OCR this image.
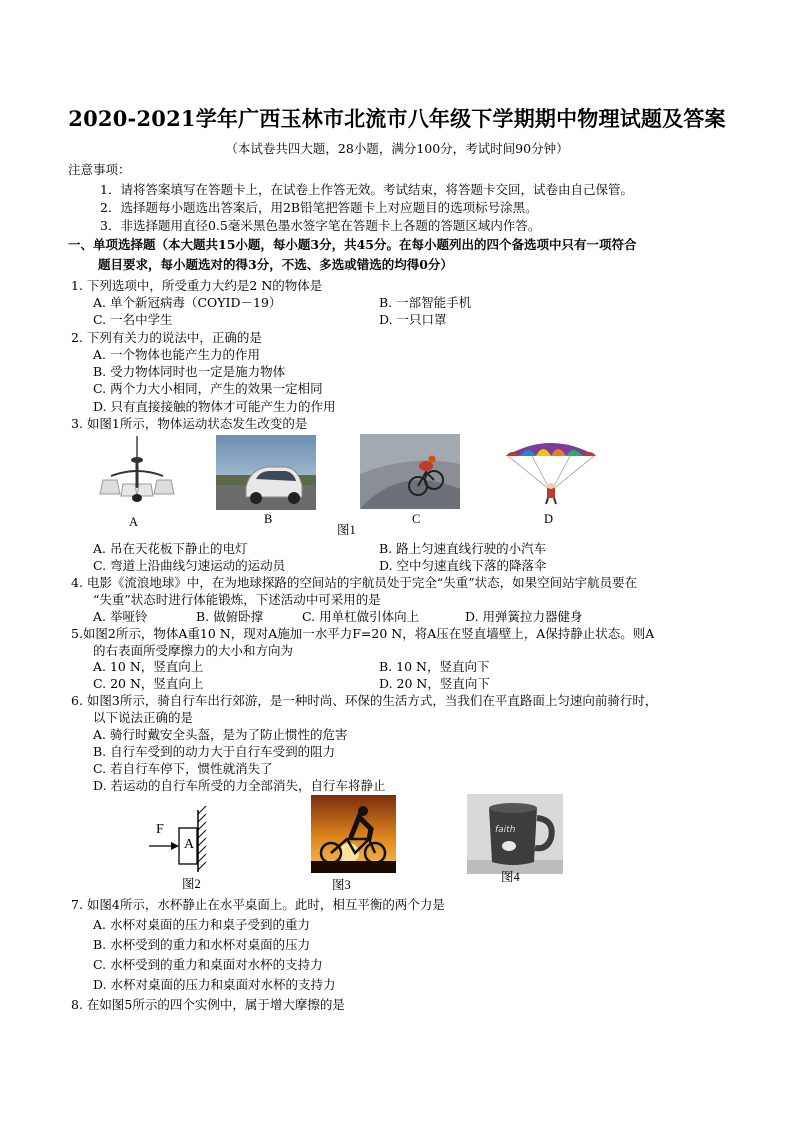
2020-2021学年广西玉林市北流市八年级下学期期中物理试题及答案
（本试卷共四大题，28小题，满分100分，考试时间90分钟）
注意事项：
1．请将答案填写在答题卡上，在试卷上作答无效。考试结束，将答题卡交回，试卷由自己保管。
2．选择题每小题选出答案后，用2B铅笔把答题卡上对应题目的选项标号涂黑。
3．非选择题用直径0.5毫米黑色墨水签字笔在答题卡上各题的答题区域内作答。
一、单项选择题（本大题共15小题，每小题3分，共45分。在每小题列出的四个备选项中只有一项符合
题目要求，每小题选对的得3分，不选、多选或错选的均得0分）
1. 下列选项中，所受重力大约是2 N的物体是
A. 单个新冠病毒（COYID－19）	B. 一部智能手机
C. 一名中学生	D. 一只口罩
2. 下列有关力的说法中，正确的是
A. 一个物体也能产生力的作用
B. 受力物体同时也一定是施力物体
C. 两个力大小相同，产生的效果一定相同
D. 只有直接接触的物体才可能产生力的作用
3. 如图1所示，物体运动状态发生改变的是
A	B	C	D
图1
A. 吊在天花板下静止的电灯	B. 路上匀速直线行驶的小汽车
C. 弯道上沿曲线匀速运动的运动员	D. 空中匀速直线下落的降落伞
4. 电影《流浪地球》中，在为地球探路的空间站的宇航员处于完全“失重”状态，如果空间站宇航员要在
“失重”状态时进行体能锻炼，下述活动中可采用的是
A. 举哑铃	B. 做俯卧撑	C. 用单杠做引体向上	D. 用弹簧拉力器健身
5.如图2所示，物体A重10 N，现对A施加一水平力F=20 N，将A压在竖直墙壁上，A保持静止状态。则A
的右表面所受摩擦力的大小和方向为
A. 10 N，竖直向上	B. 10 N，竖直向下
C. 20 N，竖直向上	D. 20 N，竖直向下
6. 如图3所示，骑自行车出行郊游，是一种时尚、环保的生活方式，当我们在平直路面上匀速向前骑行时，
以下说法正确的是
A. 骑行时戴安全头盔，是为了防止惯性的危害
B. 自行车受到的动力大于自行车受到的阻力
C. 若自行车停下，惯性就消失了
D. 若运动的自行车所受的力全部消失，自行车将静止
F
A
图2	图3
faith
图4
7. 如图4所示，水杯静止在水平桌面上。此时，相互平衡的两个力是
A. 水杯对桌面的压力和桌子受到的重力
B. 水杯受到的重力和水杯对桌面的压力
C. 水杯受到的重力和桌面对水杯的支持力
D. 水杯对桌面的压力和桌面对水杯的支持力
8. 在如图5所示的四个实例中，属于增大摩擦的是
